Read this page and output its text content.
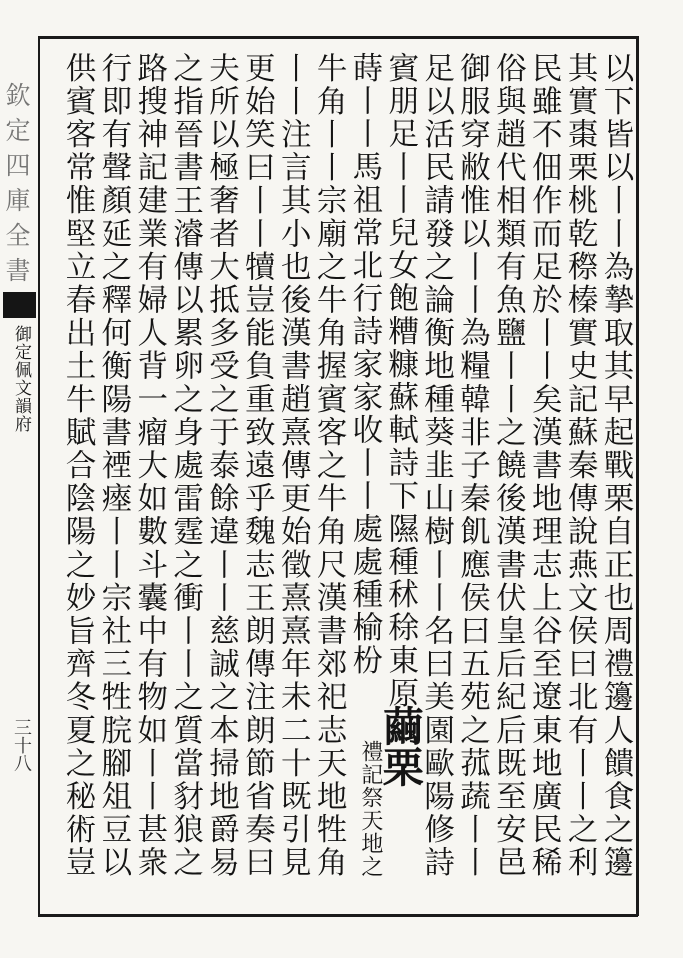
欽定四庫全書
御定佩文韻府
三十八	以下皆以丨丨為摯取其早起戰栗自正也周禮籩人饋食之籩
其實棗栗桃乾穄榛實史記蘇秦傳說燕文侯曰北有丨丨之利
民雖不佃作而足於丨丨矣漢書地理志上谷至遼東地廣民稀
俗與趙代相類有魚鹽丨丨之饒後漢書伏皇后紀后既至安邑
御服穿敝惟以丨丨為糧韓非子秦飢應侯曰五苑之菰蔬丨丨
足以活民請發之論衡地種葵韭山樹丨丨名曰美園歐陽修詩
賓朋足丨丨兒女飽糟糠蘇軾詩下隰種秫稌東原
蒔丨丨馬祖常北行詩家家收丨丨處處種榆枌
繭栗
禮記祭天地之
牛角丨丨宗廟之牛角握賓客之牛角尺漢書郊祀志天地牲角
丨丨注言其小也後漢書趙熹傳更始徵熹熹年未二十既引見
更始笑曰丨丨犢豈能負重致遠乎魏志王朗傳注朗節省奏曰
夫所以極奢者大抵多受之于泰餘違丨丨慈誠之本掃地爵易
之指晉書王濬傳以累卵之身處雷霆之衝丨丨之質當豺狼之
路搜神記建業有婦人背一瘤大如數斗囊中有物如丨丨甚衆
行即有聲顏延之釋何衡陽書禋瘞丨丨宗社三牲脘腳俎豆以
供賓客常惟堅立春出土牛賦合陰陽之妙旨齊冬夏之秘術豈
